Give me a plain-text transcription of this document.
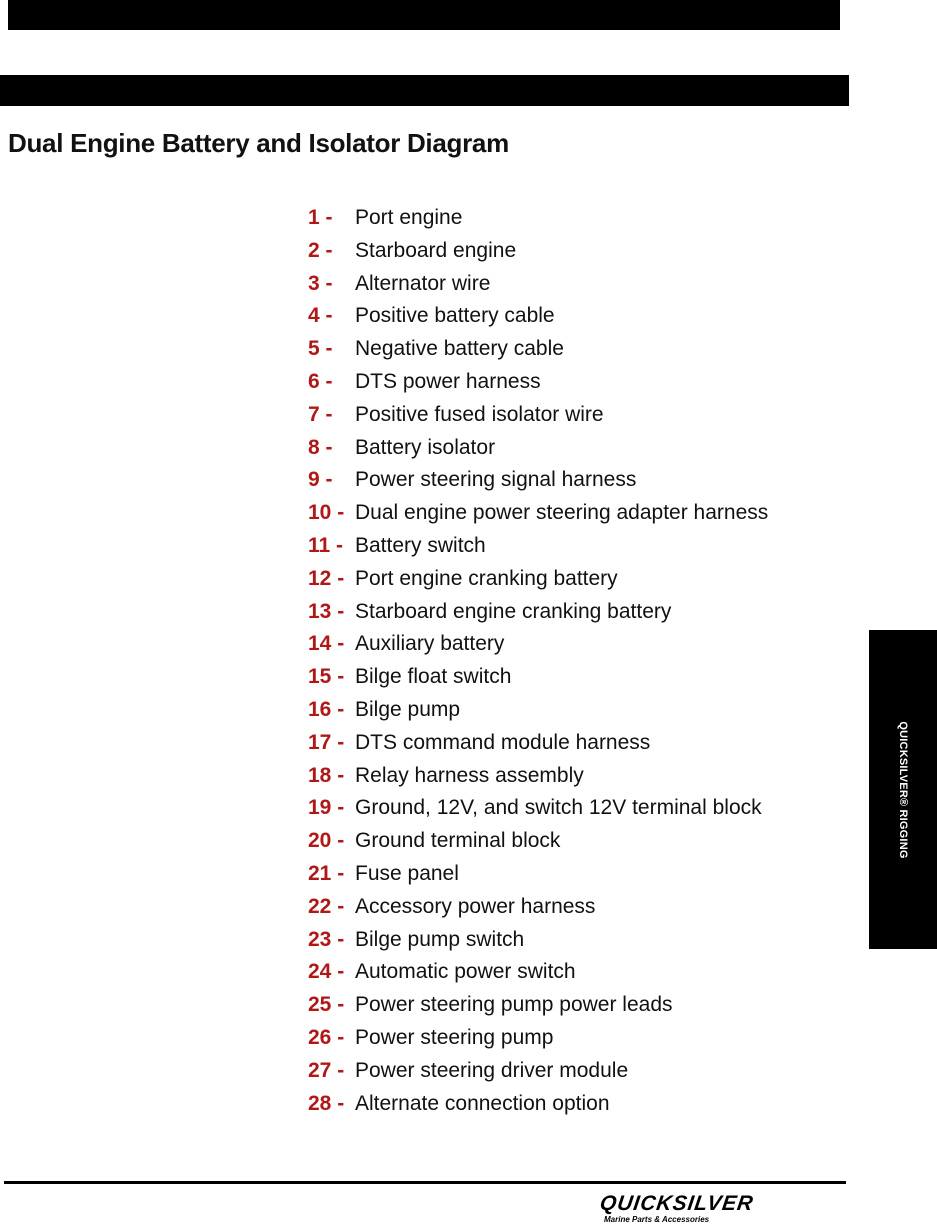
Dual Engine Battery and Isolator Diagram
1 - Port engine
2 - Starboard engine
3 - Alternator wire
4 - Positive battery cable
5 - Negative battery cable
6 - DTS power harness
7 - Positive fused isolator wire
8 - Battery isolator
9 - Power steering signal harness
10 - Dual engine power steering adapter harness
11 - Battery switch
12 - Port engine cranking battery
13 - Starboard engine cranking battery
14 - Auxiliary battery
15 - Bilge float switch
16 - Bilge pump
17 - DTS command module harness
18 - Relay harness assembly
19 - Ground, 12V, and switch 12V terminal block
20 - Ground terminal block
21 - Fuse panel
22 - Accessory power harness
23 - Bilge pump switch
24 - Automatic power switch
25 - Power steering pump power leads
26 - Power steering pump
27 - Power steering driver module
28 - Alternate connection option
QUICKSILVER® RIGGING
QUICKSILVER
Marine Parts & Accessories
